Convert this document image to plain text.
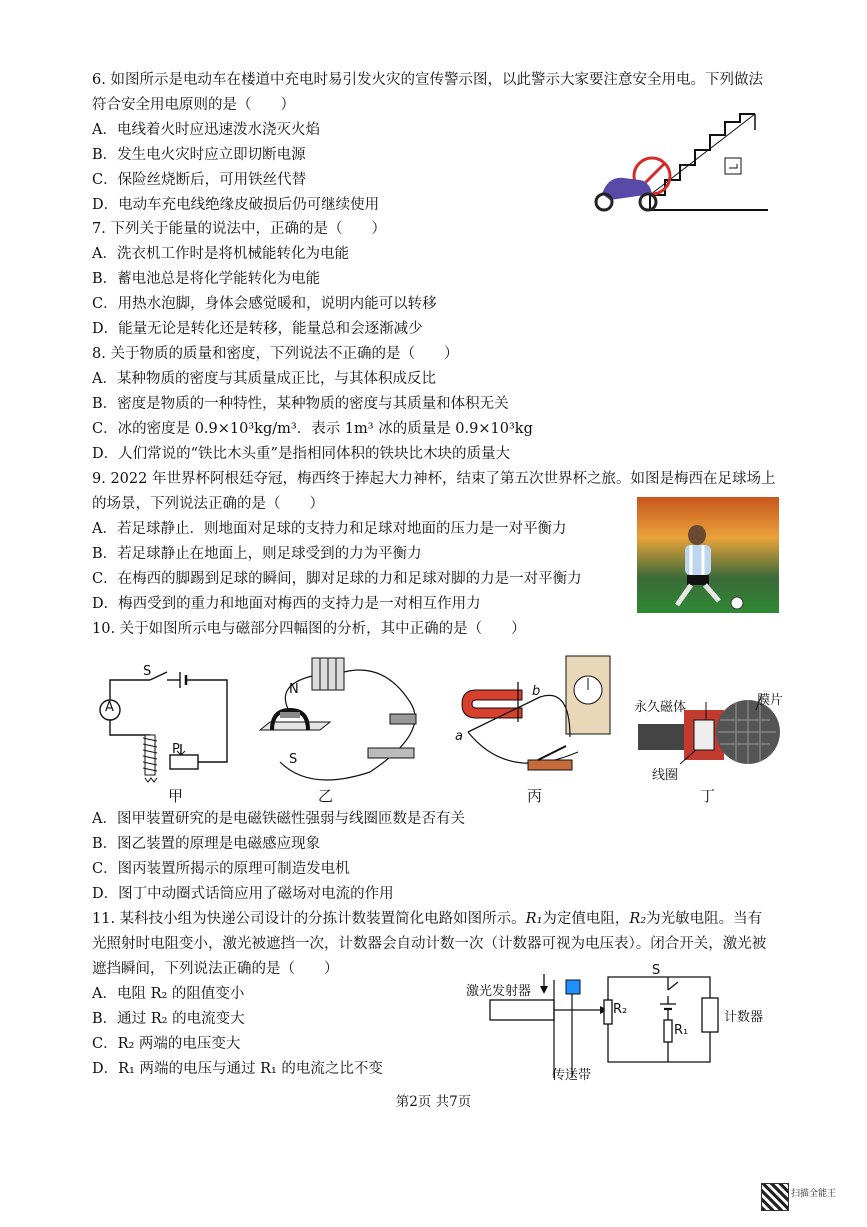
6. 如图所示是电动车在楼道中充电时易引发火灾的宣传警示图，以此警示大家要注意安全用电。下列做法
符合安全用电原则的是（　　）
A．电线着火时应迅速泼水浇灭火焰
B．发生电火灾时应立即切断电源
C．保险丝烧断后，可用铁丝代替
D．电动车充电线绝缘皮破损后仍可继续使用
7. 下列关于能量的说法中，正确的是（　　）
A．洗衣机工作时是将机械能转化为电能
B．蓄电池总是将化学能转化为电能
C．用热水泡脚，身体会感觉暖和，说明内能可以转移
D．能量无论是转化还是转移，能量总和会逐渐减少
8. 关于物质的质量和密度，下列说法不正确的是（　　）
A．某种物质的密度与其质量成正比，与其体积成反比
B．密度是物质的一种特性，某种物质的密度与其质量和体积无关
C．冰的密度是 0.9×10³kg/m³．表示 1m³ 冰的质量是 0.9×10³kg
D．人们常说的“铁比木头重”是指相同体积的铁块比木块的质量大
9. 2022 年世界杯阿根廷夺冠，梅西终于捧起大力神杯，结束了第五次世界杯之旅。如图是梅西在足球场上
的场景，下列说法正确的是（　　）
A．若足球静止．则地面对足球的支持力和足球对地面的压力是一对平衡力
B．若足球静止在地面上，则足球受到的力为平衡力
C．在梅西的脚踢到足球的瞬间，脚对足球的力和足球对脚的力是一对平衡力
D．梅西受到的重力和地面对梅西的支持力是一对相互作用力
10. 关于如图所示电与磁部分四幅图的分析，其中正确的是（　　）
S
A
P
甲
N
S
乙
b
a
丙
永久磁体	膜片
线圈
丁
A．图甲装置研究的是电磁铁磁性强弱与线圈匝数是否有关
B．图乙装置的原理是电磁感应现象
C．图丙装置所揭示的原理可制造发电机
D．图丁中动圈式话筒应用了磁场对电流的作用
11. 某科技小组为快递公司设计的分拣计数装置简化电路如图所示。R₁为定值电阻，R₂为光敏电阻。当有
光照射时电阻变小，激光被遮挡一次，计数器会自动计数一次（计数器可视为电压表）。闭合开关，激光被
遮挡瞬间，下列说法正确的是（　　）
A．电阻 R₂ 的阻值变小
B．通过 R₂ 的电流变大
C．R₂ 两端的电压变大
D．R₁ 两端的电压与通过 R₁ 的电流之比不变
激光发射器
传送带
计数器
R₂
R₁
S
第2页 共7页
扫描全能王
